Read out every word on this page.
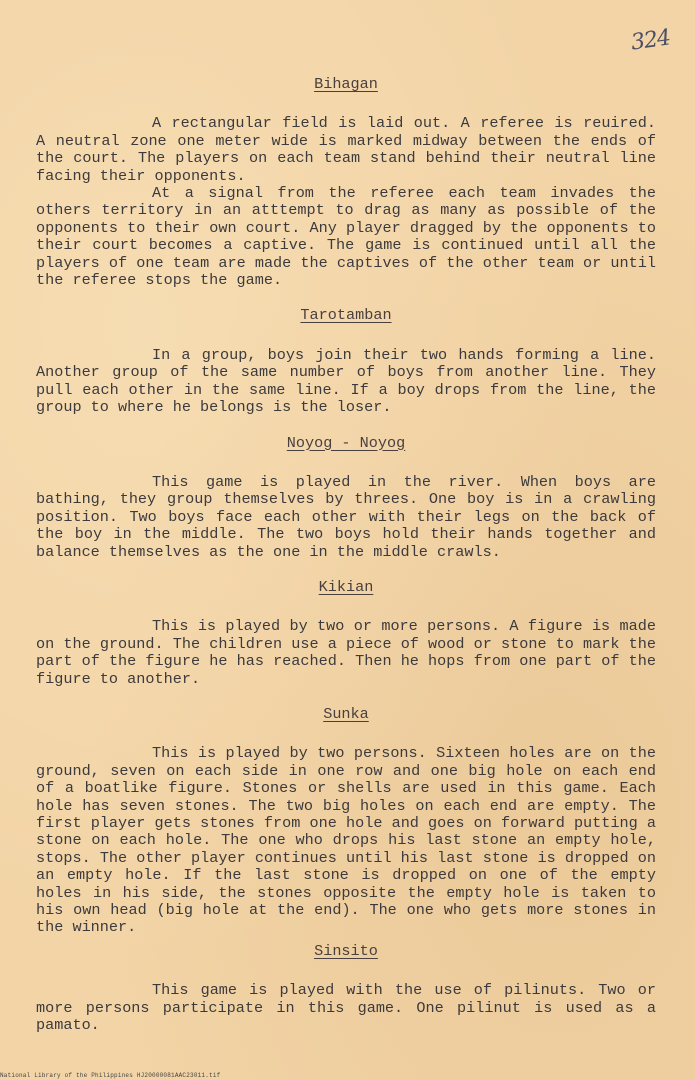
324
Bihagan

A rectangular field is laid out. A referee is reuired. A neutral zone one meter wide is marked midway between the ends of the court. The players on each team stand behind their neutral line facing their opponents.

At a signal from the referee each team invades the others territory in an atttempt to drag as many as possible of the opponents to their own court. Any player dragged by the opponents to their court becomes a captive. The game is continued until all the players of one team are made the captives of the other team or until the referee stops the game.

Tarotamban

In a group, boys join their two hands forming a line. Another group of the same number of boys from another line. They pull each other in the same line. If a boy drops from the line, the group to where he belongs is the loser.

Noyog - Noyog

This game is played in the river. When boys are bathing, they group themselves by threes. One boy is in a crawling position. Two boys face each other with their legs on the back of the boy in the middle. The two boys hold their hands together and balance themselves as the one in the middle crawls.

Kikian

This is played by two or more persons. A figure is made on the ground. The children use a piece of wood or stone to mark the part of the figure he has reached. Then he hops from one part of the figure to another.

Sunka

This is played by two persons. Sixteen holes are on the ground, seven on each side in one row and one big hole on each end of a boatlike figure. Stones or shells are used in this game. Each hole has seven stones. The two big holes on each end are empty. The first player gets stones from one hole and goes on forward putting a stone on each hole. The one who drops his last stone an empty hole, stops. The other player continues until his last stone is dropped on an empty hole. If the last stone is dropped on one of the empty holes in his side, the stones opposite the empty hole is taken to his own head (big hole at the end). The one who gets more stones in the winner.

Sinsito

This game is played with the use of pilinuts. Two or more persons participate in this game. One pilinut is used as a pamato.

National Library of the Philippines HJ20000081AAC23011.tif
